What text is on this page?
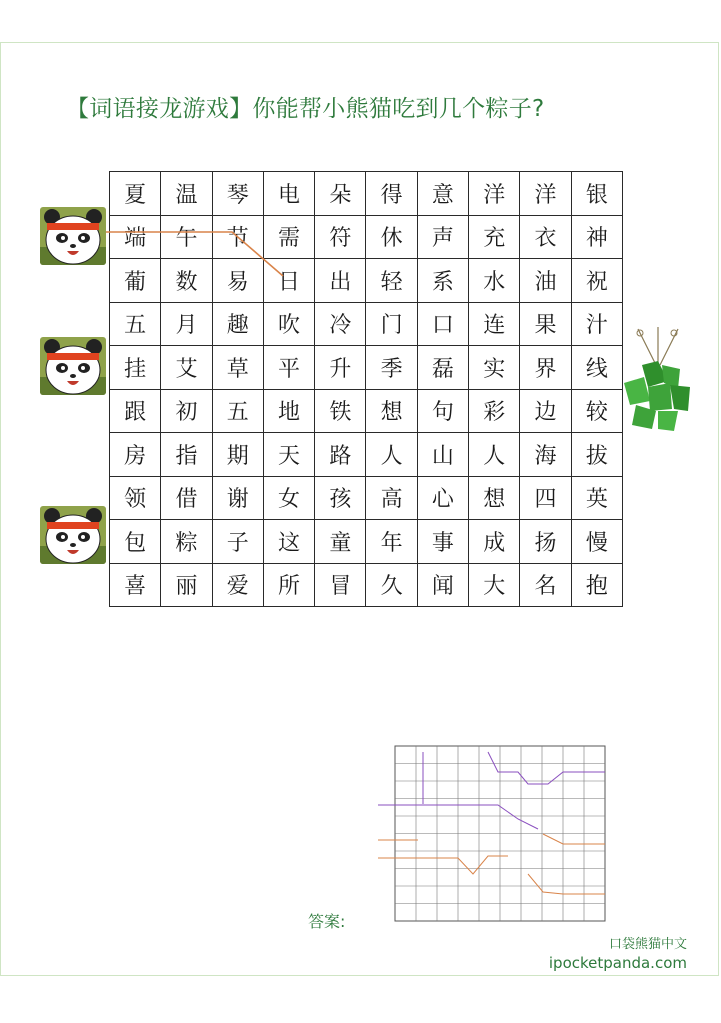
【词语接龙游戏】你能帮小熊猫吃到几个粽子?
夏	温	琴	电	朵	得	意	洋	洋	银
端	午	节	需	符	休	声	充	衣	神
葡	数	易	日	出	轻	系	水	油	祝
五	月	趣	吹	冷	门	口	连	果	汁
挂	艾	草	平	升	季	磊	实	界	线
跟	初	五	地	铁	想	句	彩	边	较
房	指	期	天	路	人	山	人	海	拔
领	借	谢	女	孩	高	心	想	四	英
包	粽	子	这	童	年	事	成	扬	慢
喜	丽	爱	所	冒	久	闻	大	名	抱
答案:
口袋熊猫中文
ipocketpanda.com
